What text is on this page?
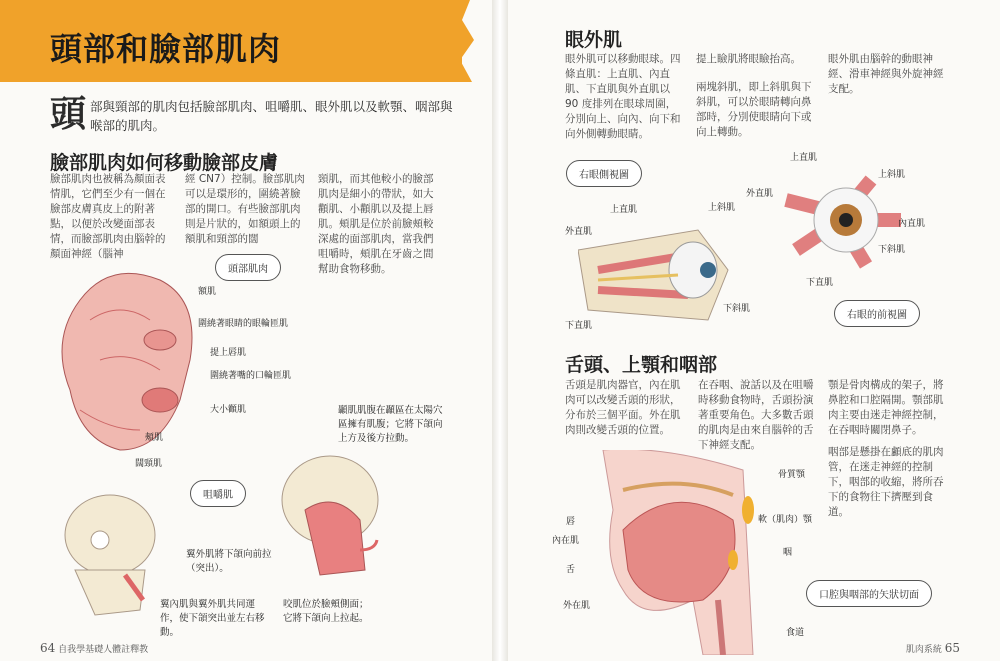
頭部和臉部肌肉
頭 部與頸部的肌肉包括臉部肌肉、咀嚼肌、眼外肌以及軟顎、咽部與喉部的肌肉。
臉部肌肉如何移動臉部皮膚
臉部肌肉也被稱為顏面表情肌，它們至少有一個在臉部皮膚真皮上的附著點，以便於改變面部表情，而臉部肌肉由腦幹的顏面神經（腦神
經 CN7）控制。臉部肌肉可以是環形的，圍繞著臉部的開口。有些臉部肌肉則是片狀的，如額頭上的額肌和頸部的闊
頸肌，而其他較小的臉部肌肉是細小的帶狀，如大顴肌、小顴肌以及提上唇肌。頰肌是位於前臉頰較深處的面部肌肉，當我們咀嚼時，頰肌在牙齒之間幫助食物移動。
頭部肌肉
額肌
圍繞著眼睛的眼輪匝肌
提上唇肌
圍繞著嘴的口輪匝肌
大小顴肌
頰肌
闊頸肌
咀嚼肌
顳肌肌腹在顳區在太陽穴區擁有肌腹；它將下頜向上方及後方拉動。
翼外肌將下頜向前拉（突出）。
翼內肌與翼外肌共同運作，使下頜突出並左右移動。
咬肌位於臉頰側面；它將下頜向上拉起。
64 自我學基礎人體註釋教
眼外肌
眼外肌可以移動眼球。四條直肌：上直肌、內直肌、下直肌與外直肌以 90 度排列在眼球周圍，分別向上、向內、向下和向外側轉動眼睛。
提上瞼肌將眼瞼抬高。
兩塊斜肌，即上斜肌與下斜肌，可以於眼睛轉向鼻部時，分別使眼睛向下或向上轉動。
眼外肌由腦幹的動眼神經、滑車神經與外旋神經支配。
右眼側視圖
上直肌	上斜肌
外直肌
下斜肌
下直肌
上直肌
上斜肌
外直肌
內直肌
下斜肌
下直肌
右眼的前視圖
舌頭、上顎和咽部
舌頭是肌肉器官，內在肌肉可以改變舌頭的形狀，分布於三個平面。外在肌肉則改變舌頭的位置。
在吞咽、說話以及在咀嚼時移動食物時，舌頭扮演著重要角色。大多數舌頭的肌肉是由來自腦幹的舌下神經支配。
顎是骨肉構成的架子，將鼻腔和口腔隔開。顎部肌肉主要由迷走神經控制，在吞咽時關閉鼻子。
咽部是懸掛在顱底的肌肉管，在迷走神經的控制下，咽部的收縮，將所吞下的食物往下擠壓到食道。
骨質顎
軟（肌肉）顎
唇
內在肌
舌
咽
外在肌
食道
口腔與咽部的矢狀切面
肌肉系統 65
